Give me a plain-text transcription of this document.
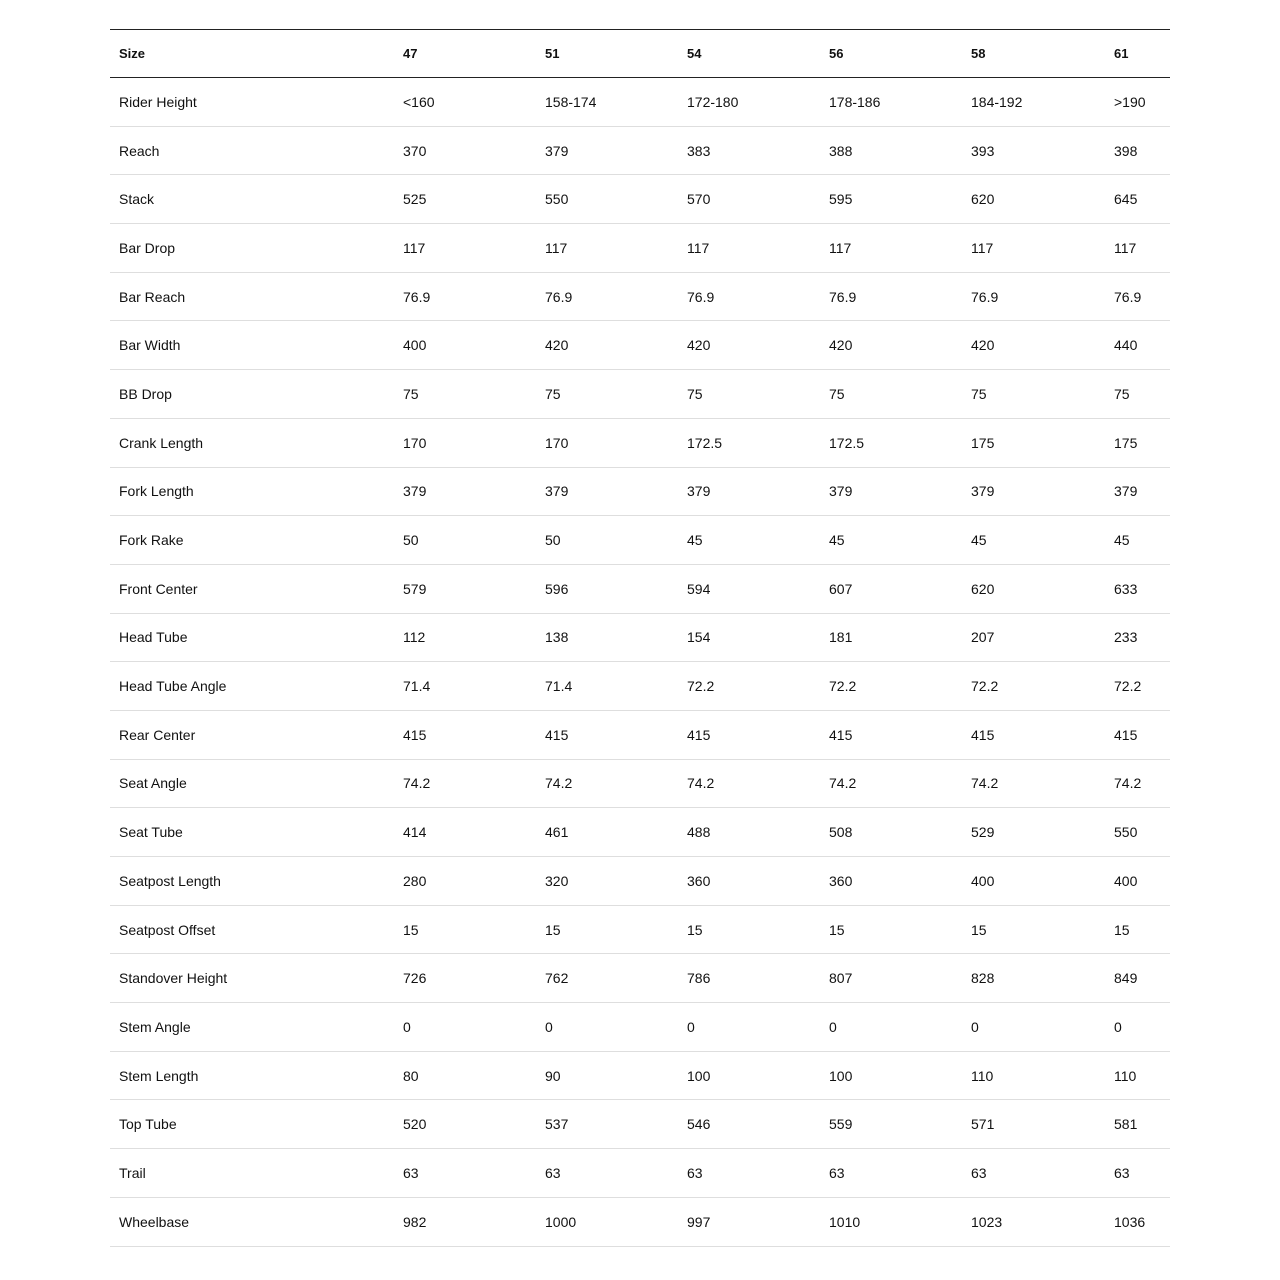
Size	47	51	54	56	58	61
Rider Height	<160	158-174	172-180	178-186	184-192	>190
Reach	370	379	383	388	393	398
Stack	525	550	570	595	620	645
Bar Drop	117	117	117	117	117	117
Bar Reach	76.9	76.9	76.9	76.9	76.9	76.9
Bar Width	400	420	420	420	420	440
BB Drop	75	75	75	75	75	75
Crank Length	170	170	172.5	172.5	175	175
Fork Length	379	379	379	379	379	379
Fork Rake	50	50	45	45	45	45
Front Center	579	596	594	607	620	633
Head Tube	112	138	154	181	207	233
Head Tube Angle	71.4	71.4	72.2	72.2	72.2	72.2
Rear Center	415	415	415	415	415	415
Seat Angle	74.2	74.2	74.2	74.2	74.2	74.2
Seat Tube	414	461	488	508	529	550
Seatpost Length	280	320	360	360	400	400
Seatpost Offset	15	15	15	15	15	15
Standover Height	726	762	786	807	828	849
Stem Angle	0	0	0	0	0	0
Stem Length	80	90	100	100	110	110
Top Tube	520	537	546	559	571	581
Trail	63	63	63	63	63	63
Wheelbase	982	1000	997	1010	1023	1036
